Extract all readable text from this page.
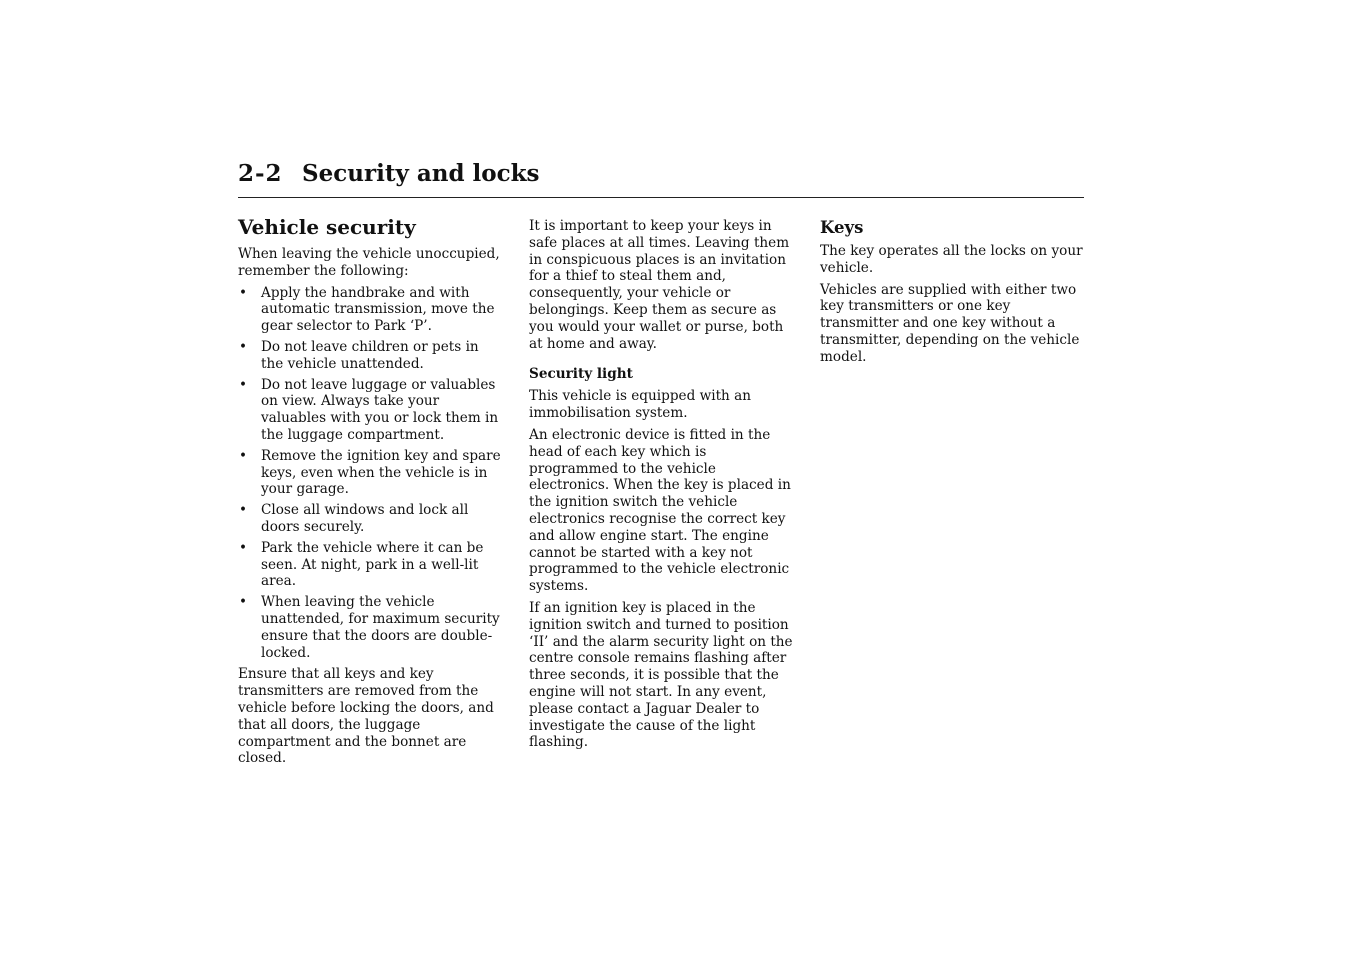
2-2 Security and locks
Vehicle security

When leaving the vehicle unoccupied, remember the following:

• Apply the handbrake and with automatic transmission, move the gear selector to Park ‘P’.
• Do not leave children or pets in the vehicle unattended.
• Do not leave luggage or valuables on view. Always take your valuables with you or lock them in the luggage compartment.
• Remove the ignition key and spare keys, even when the vehicle is in your garage.
• Close all windows and lock all doors securely.
• Park the vehicle where it can be seen. At night, park in a well-lit area.
• When leaving the vehicle unattended, for maximum security ensure that the doors are double-locked.

Ensure that all keys and key transmitters are removed from the vehicle before locking the doors, and that all doors, the luggage compartment and the bonnet are closed.

It is important to keep your keys in safe places at all times. Leaving them in conspicuous places is an invitation for a thief to steal them and, consequently, your vehicle or belongings. Keep them as secure as you would your wallet or purse, both at home and away.

Security light

This vehicle is equipped with an immobilisation system.

An electronic device is fitted in the head of each key which is programmed to the vehicle electronics. When the key is placed in the ignition switch the vehicle electronics recognise the correct key and allow engine start. The engine cannot be started with a key not programmed to the vehicle electronic systems.

If an ignition key is placed in the ignition switch and turned to position ‘II’ and the alarm security light on the centre console remains flashing after three seconds, it is possible that the engine will not start. In any event, please contact a Jaguar Dealer to investigate the cause of the light flashing.

Keys

The key operates all the locks on your vehicle.

Vehicles are supplied with either two key transmitters or one key transmitter and one key without a transmitter, depending on the vehicle model.
